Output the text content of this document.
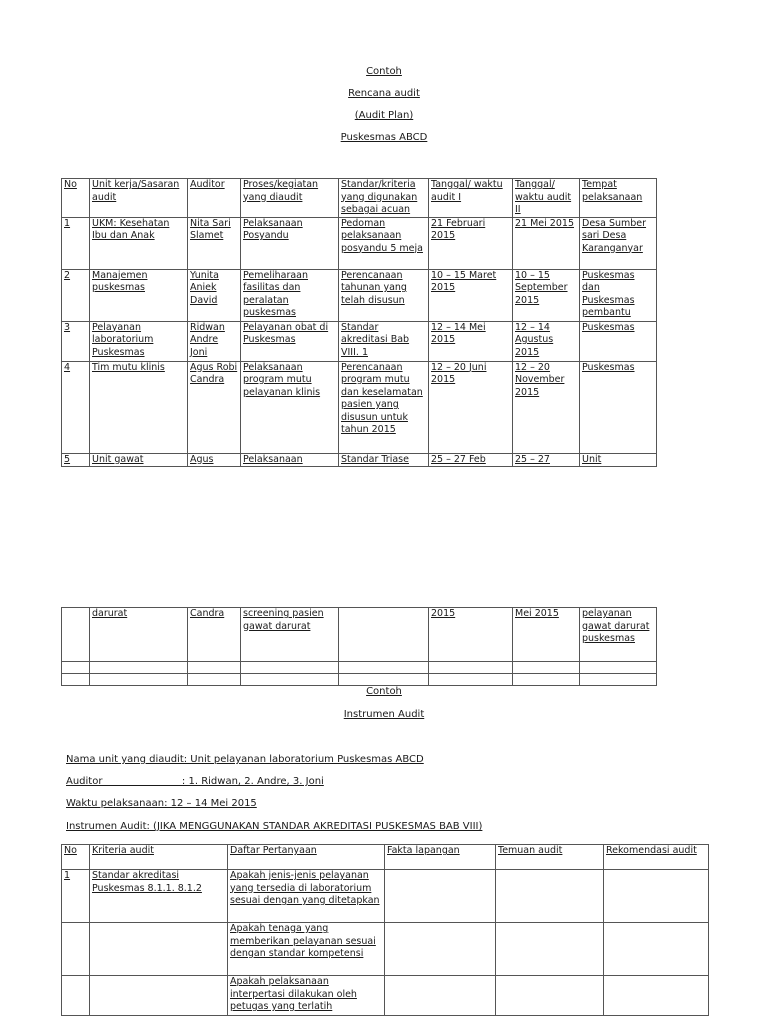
Contoh
Rencana audit
(Audit Plan)
Puskesmas ABCD
No	Unit kerja/Sasaran audit	Auditor	Proses/kegiatan yang diaudit	Standar/kriteria yang digunakan sebagai acuan	Tanggal/ waktu audit I	Tanggal/ waktu audit II	Tempat pelaksanaan
1	UKM: Kesehatan Ibu dan Anak	Nita Sari Slamet	Pelaksanaan Posyandu	Pedoman pelaksanaan posyandu 5 meja	21 Februari 2015	21 Mei 2015	Desa Sumber sari Desa Karanganyar
2	Manajemen puskesmas	Yunita Aniek David	Pemeliharaan fasilitas dan peralatan puskesmas	Perencanaan tahunan yang telah disusun	10 – 15 Maret 2015	10 – 15 September 2015	Puskesmas dan Puskesmas pembantu
3	Pelayanan laboratorium Puskesmas	Ridwan Andre Joni	Pelayanan obat di Puskesmas	Standar akreditasi Bab VIII. 1	12 – 14 Mei 2015	12 – 14 Agustus 2015	Puskesmas
4	Tim mutu klinis	Agus Robi Candra	Pelaksanaan program mutu pelayanan klinis	Perencanaan program mutu dan keselamatan pasien yang disusun untuk tahun 2015	12 – 20 Juni 2015	12 – 20 November 2015	Puskesmas
5	Unit gawat	Agus	Pelaksanaan	Standar Triase	25 – 27 Feb	25 – 27	Unit
	darurat	Candra	screening pasien gawat darurat		2015	Mei 2015	pelayanan gawat darurat puskesmas

Contoh
Instrumen Audit
Nama unit yang diaudit: Unit pelayanan laboratorium Puskesmas ABCD
Auditor                         : 1. Ridwan, 2. Andre, 3. Joni
Waktu pelaksanaan: 12 – 14 Mei 2015
Instrumen Audit: (JIKA MENGGUNAKAN STANDAR AKREDITASI PUSKESMAS BAB VIII)
No	Kriteria audit	Daftar Pertanyaan	Fakta lapangan	Temuan audit	Rekomendasi audit
1	Standar akreditasi Puskesmas 8.1.1. 8.1.2	Apakah jenis-jenis pelayanan yang tersedia di laboratorium sesuai dengan yang ditetapkan			
		Apakah tenaga yang memberikan pelayanan sesuai dengan standar kompetensi			
		Apakah pelaksanaan interpertasi dilakukan oleh petugas yang terlatih			
